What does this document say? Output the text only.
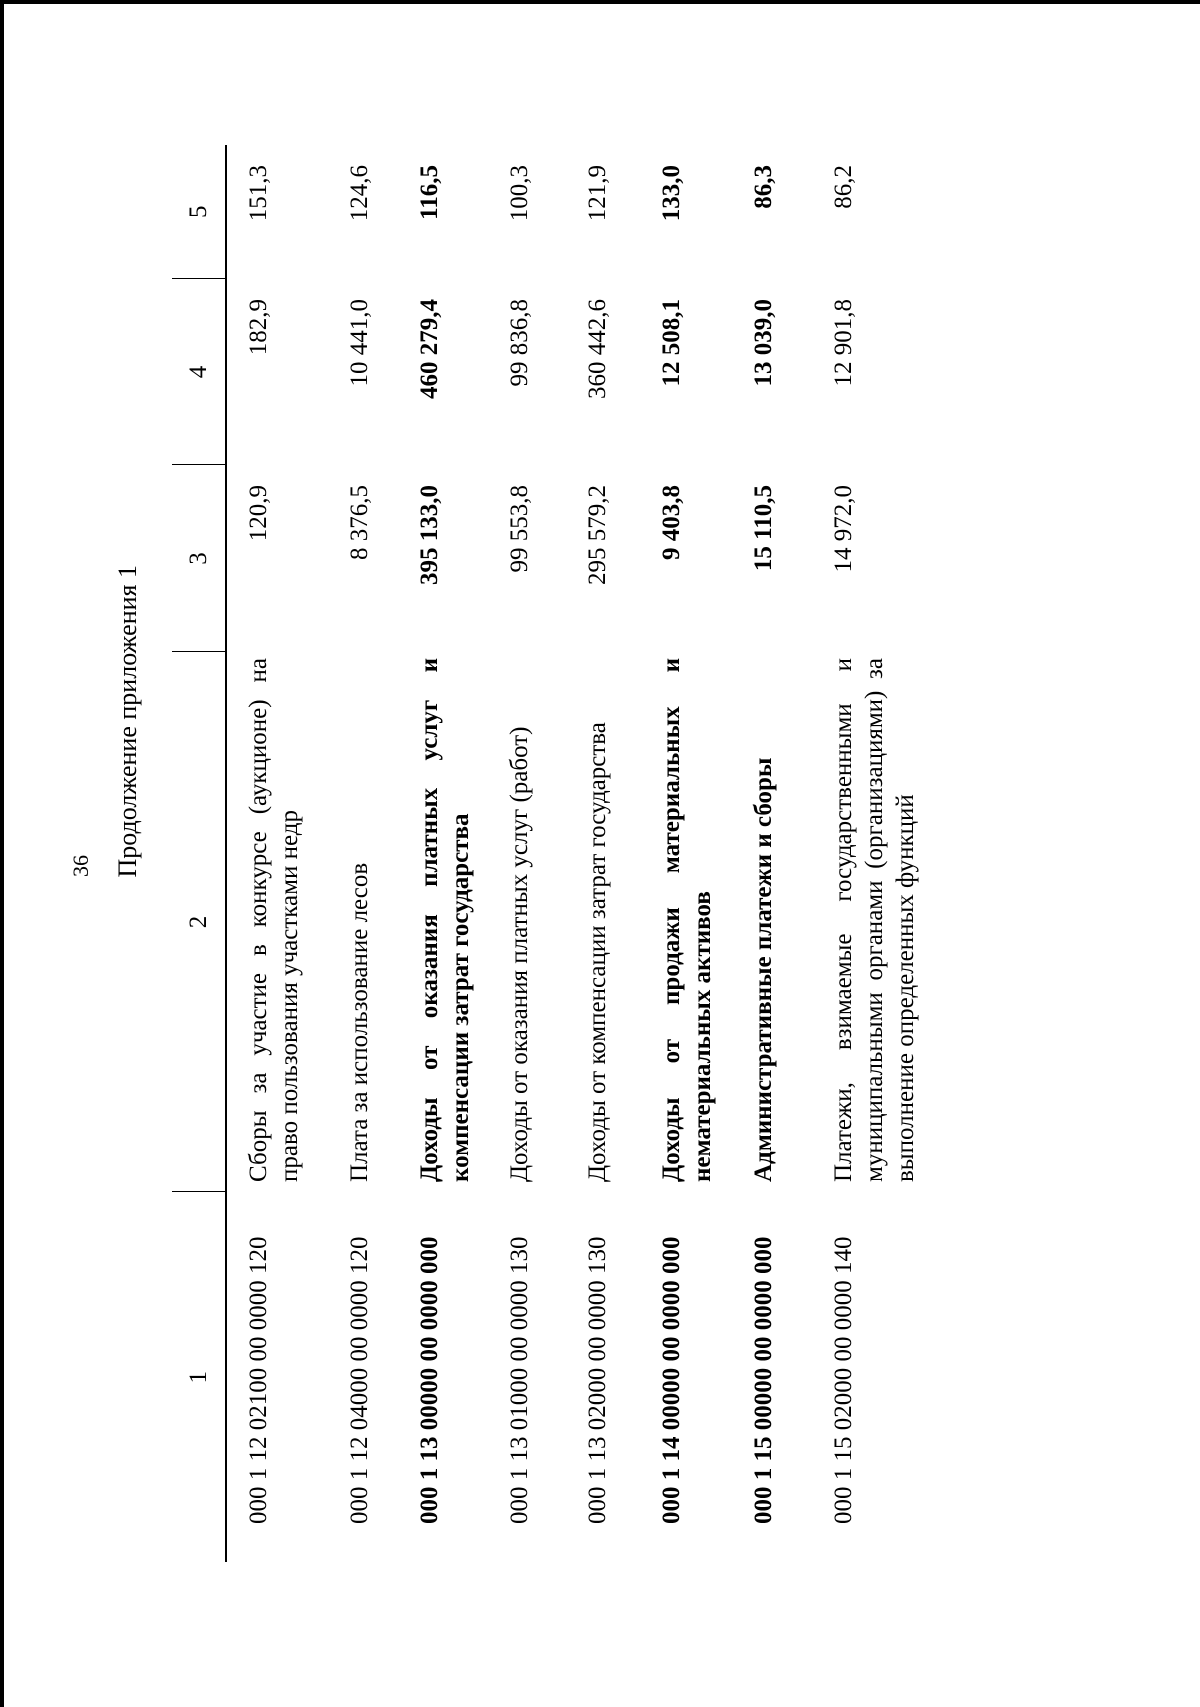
36 Продолжение приложения 1
1	2	3	4	5
000 1 12 02100 00 0000 120	Сборы за участие в конкурсе (аукционе) на право пользования участками недр	120,9	182,9	151,3
000 1 12 04000 00 0000 120	Плата за использование лесов	8 376,5	10 441,0	124,6
000 1 13 00000 00 0000 000	Доходы от оказания платных услуг и компенсации затрат государства	395 133,0	460 279,4	116,5
000 1 13 01000 00 0000 130	Доходы от оказания платных услуг (работ)	99 553,8	99 836,8	100,3
000 1 13 02000 00 0000 130	Доходы от компенсации затрат государства	295 579,2	360 442,6	121,9
000 1 14 00000 00 0000 000	Доходы от продажи материальных и нематериальных активов	9 403,8	12 508,1	133,0
000 1 15 00000 00 0000 000	Административные платежи и сборы	15 110,5	13 039,0	86,3
000 1 15 02000 00 0000 140	Платежи, взимаемые государственными и муниципальными органами (организациями) за выполнение определенных функций	14 972,0	12 901,8	86,2
